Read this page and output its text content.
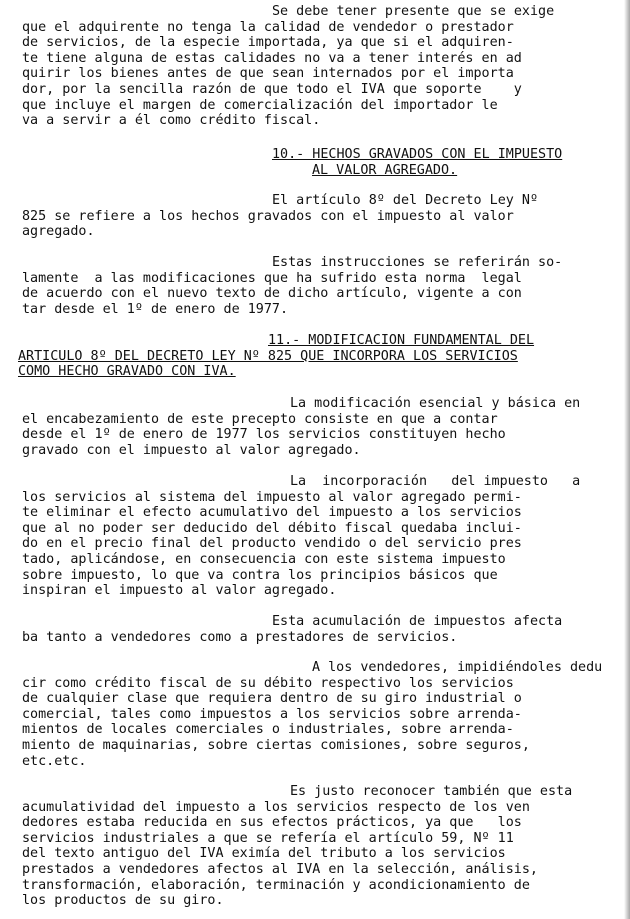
Se debe tener presente que se exige
que el adquirente no tenga la calidad de vendedor o prestador
de servicios, de la especie importada, ya que si el adquiren-
te tiene alguna de estas calidades no va a tener interés en ad
quirir los bienes antes de que sean internados por el importa
dor, por la sencilla razón de que todo el IVA que soporte    y
que incluye el margen de comercialización del importador le
va a servir a él como crédito fiscal.
10.- HECHOS GRAVADOS CON EL IMPUESTO
AL VALOR AGREGADO.
El artículo 8º del Decreto Ley Nº
825 se refiere a los hechos gravados con el impuesto al valor
agregado.
Estas instrucciones se referirán so-
lamente  a las modificaciones que ha sufrido esta norma  legal
de acuerdo con el nuevo texto de dicho artículo, vigente a con
tar desde el 1º de enero de 1977.
11.- MODIFICACION FUNDAMENTAL DEL
ARTICULO 8º DEL DECRETO LEY Nº 825 QUE INCORPORA LOS SERVICIOS
COMO HECHO GRAVADO CON IVA.
La modificación esencial y básica en
el encabezamiento de este precepto consiste en que a contar
desde el 1º de enero de 1977 los servicios constituyen hecho
gravado con el impuesto al valor agregado.
La  incorporación   del impuesto   a
los servicios al sistema del impuesto al valor agregado permi-
te eliminar el efecto acumulativo del impuesto a los servicios
que al no poder ser deducido del débito fiscal quedaba inclui-
do en el precio final del producto vendido o del servicio pres
tado, aplicándose, en consecuencia con este sistema impuesto
sobre impuesto, lo que va contra los principios básicos que
inspiran el impuesto al valor agregado.
Esta acumulación de impuestos afecta
ba tanto a vendedores como a prestadores de servicios.
A los vendedores, impidiéndoles dedu
cir como crédito fiscal de su débito respectivo los servicios
de cualquier clase que requiera dentro de su giro industrial o
comercial, tales como impuestos a los servicios sobre arrenda-
mientos de locales comerciales o industriales, sobre arrenda-
miento de maquinarias, sobre ciertas comisiones, sobre seguros,
etc.etc.
Es justo reconocer también que esta
acumulatividad del impuesto a los servicios respecto de los ven
dedores estaba reducida en sus efectos prácticos, ya que   los
servicios industriales a que se refería el artículo 59, Nº 11
del texto antiguo del IVA eximía del tributo a los servicios
prestados a vendedores afectos al IVA en la selección, análisis,
transformación, elaboración, terminación y acondicionamiento de
los productos de su giro.
